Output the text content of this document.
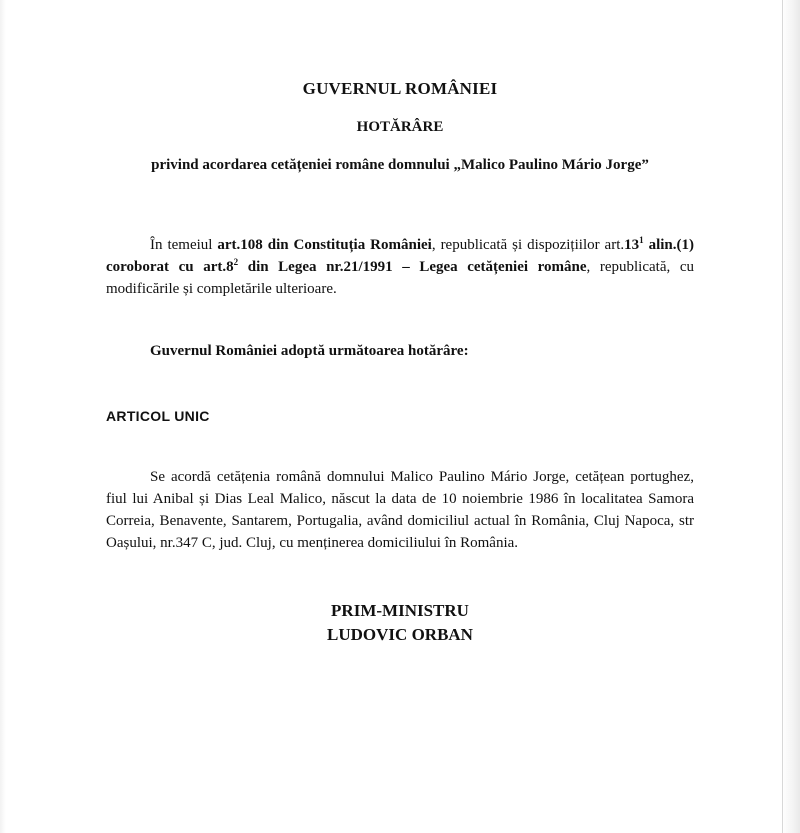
GUVERNUL ROMÂNIEI

HOTĂRÂRE

privind acordarea cetățeniei române domnului „Malico Paulino Mário Jorge”

În temeiul art.108 din Constituția României, republicată și dispozițiilor $art.13^1$ alin.(1) coroborat cu $art.8^2$ din Legea nr.21/1991 – Legea cetățeniei române, republicată, cu modificările și completările ulterioare.

Guvernul României adoptă următoarea hotărâre:

ARTICOL UNIC

Se acordă cetățenia română domnului Malico Paulino Mário Jorge, cetățean portughez, fiul lui Anibal și Dias Leal Malico, născut la data de 10 noiembrie 1986 în localitatea Samora Correia, Benavente, Santarem, Portugalia, având domiciliul actual în România, Cluj Napoca, str Oașului, nr.347 C, jud. Cluj, cu menținerea domiciliului în România.

PRIM-MINISTRU

LUDOVIC ORBAN
